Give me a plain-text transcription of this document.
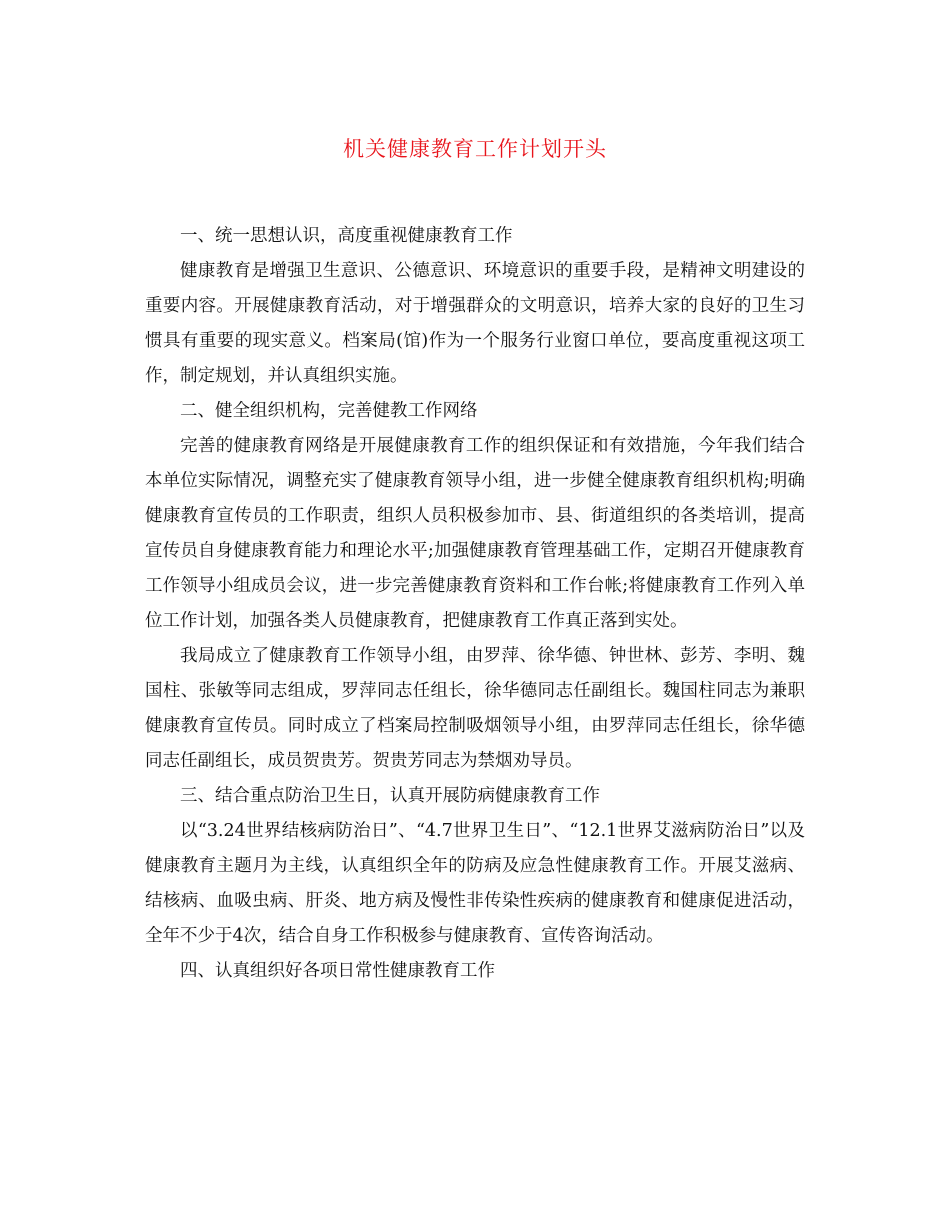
机关健康教育工作计划开头

一、统一思想认识，高度重视健康教育工作

健康教育是增强卫生意识、公德意识、环境意识的重要手段，是精神文明建设的重要内容。开展健康教育活动，对于增强群众的文明意识，培养大家的良好的卫生习惯具有重要的现实意义。档案局(馆)作为一个服务行业窗口单位，要高度重视这项工作，制定规划，并认真组织实施。

二、健全组织机构，完善健教工作网络

完善的健康教育网络是开展健康教育工作的组织保证和有效措施，今年我们结合本单位实际情况，调整充实了健康教育领导小组，进一步健全健康教育组织机构;明确健康教育宣传员的工作职责，组织人员积极参加市、县、街道组织的各类培训，提高宣传员自身健康教育能力和理论水平;加强健康教育管理基础工作，定期召开健康教育工作领导小组成员会议，进一步完善健康教育资料和工作台帐;将健康教育工作列入单位工作计划，加强各类人员健康教育，把健康教育工作真正落到实处。

我局成立了健康教育工作领导小组，由罗萍、徐华德、钟世林、彭芳、李明、魏国柱、张敏等同志组成，罗萍同志任组长，徐华德同志任副组长。魏国柱同志为兼职健康教育宣传员。同时成立了档案局控制吸烟领导小组，由罗萍同志任组长，徐华德同志任副组长，成员贺贵芳。贺贵芳同志为禁烟劝导员。

三、结合重点防治卫生日，认真开展防病健康教育工作

以“3.24世界结核病防治日”、“4.7世界卫生日”、“12.1世界艾滋病防治日”以及健康教育主题月为主线，认真组织全年的防病及应急性健康教育工作。开展艾滋病、结核病、血吸虫病、肝炎、地方病及慢性非传染性疾病的健康教育和健康促进活动，全年不少于4次，结合自身工作积极参与健康教育、宣传咨询活动。

四、认真组织好各项日常性健康教育工作
